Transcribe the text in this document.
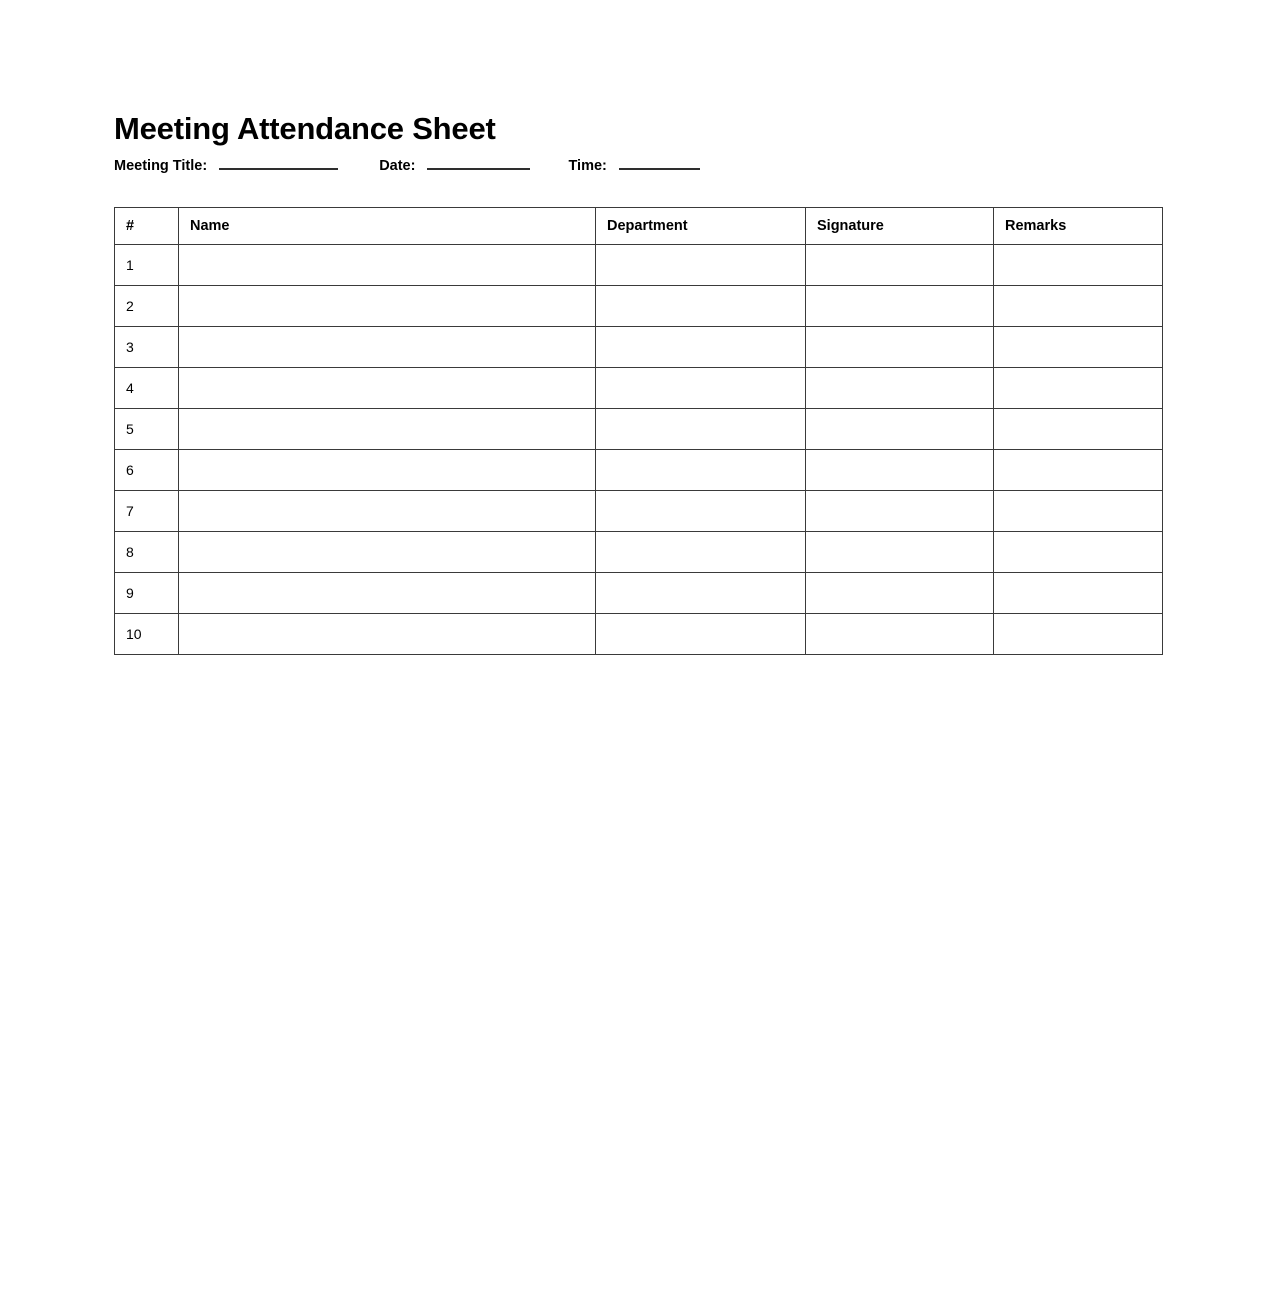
Meeting Attendance Sheet
Meeting Title:	Date:	Time:
#	Name	Department	Signature	Remarks
1				
2				
3				
4				
5				
6				
7				
8				
9				
10				
